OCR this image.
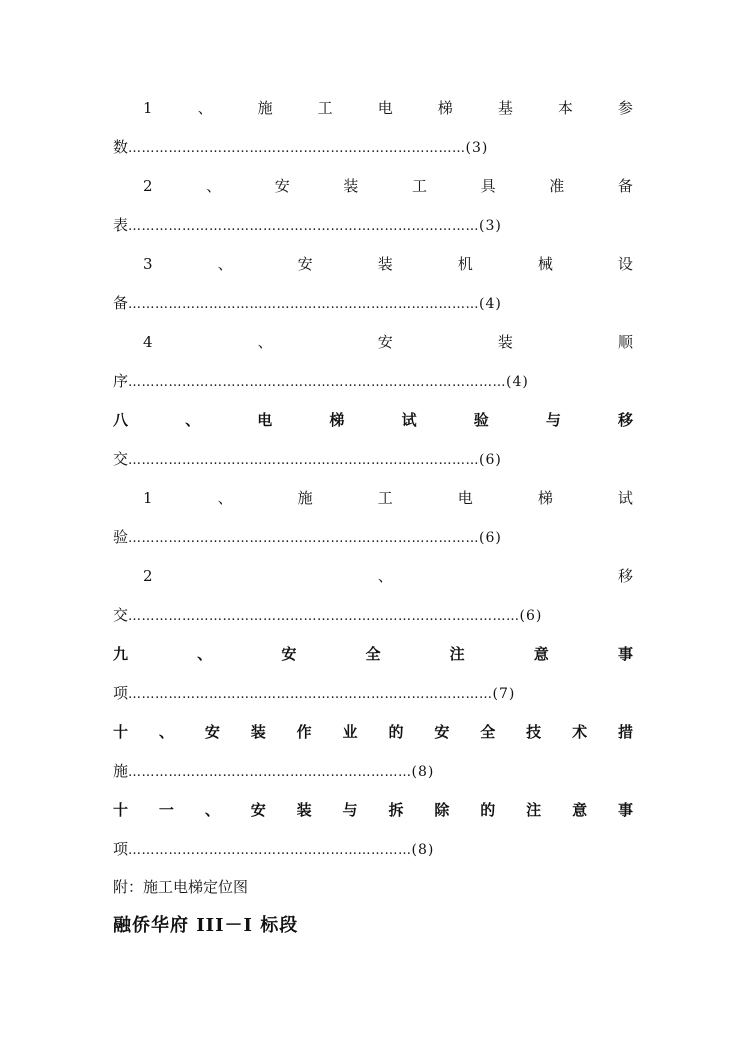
1	、	施	工	电	梯	基	本	参
数…………………………………………………………………(3)
2	、	安	装	工	具	准	备
表……………………………………………………………………(3)
3	、	安	装	机	械	设
备……………………………………………………………………(4)
4	、	安	装	顺
序…………………………………………………………………………(4)
八	、	电	梯	试	验	与	移
交……………………………………………………………………(6)
1	、	施	工	电	梯	试
验……………………………………………………………………(6)
2	、	移
交……………………………………………………………………………(6)
九	、	安	全	注	意	事
项………………………………………………………………………(7)
十 、 安 装 作 业 的 安 全 技 术 措
施………………………………………………………(8)
十 一 、 安 装 与 拆 除 的 注 意 事
项………………………………………………………(8)
附：施工电梯定位图
融侨华府 III－I 标段
